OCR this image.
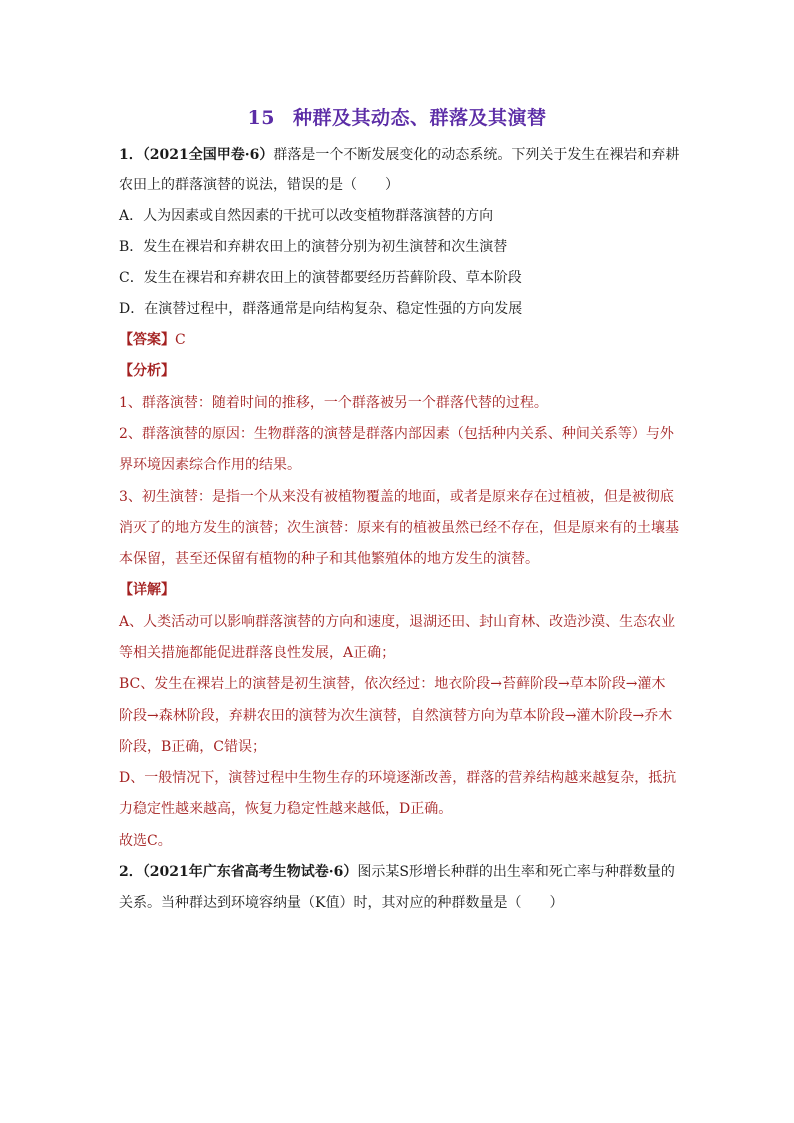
15 种群及其动态、群落及其演替
1．（2021全国甲卷·6）群落是一个不断发展变化的动态系统。下列关于发生在裸岩和弃耕
农田上的群落演替的说法，错误的是（　　）
A．人为因素或自然因素的干扰可以改变植物群落演替的方向
B．发生在裸岩和弃耕农田上的演替分别为初生演替和次生演替
C．发生在裸岩和弃耕农田上的演替都要经历苔藓阶段、草本阶段
D．在演替过程中，群落通常是向结构复杂、稳定性强的方向发展
【答案】C
【分析】
1、群落演替：随着时间的推移，一个群落被另一个群落代替的过程。
2、群落演替的原因：生物群落的演替是群落内部因素（包括种内关系、种间关系等）与外
界环境因素综合作用的结果。
3、初生演替：是指一个从来没有被植物覆盖的地面，或者是原来存在过植被，但是被彻底
消灭了的地方发生的演替；次生演替：原来有的植被虽然已经不存在，但是原来有的土壤基
本保留，甚至还保留有植物的种子和其他繁殖体的地方发生的演替。
【详解】
A、人类活动可以影响群落演替的方向和速度，退湖还田、封山育林、改造沙漠、生态农业
等相关措施都能促进群落良性发展，A正确；
BC、发生在裸岩上的演替是初生演替，依次经过：地衣阶段→苔藓阶段→草本阶段→灌木
阶段→森林阶段，弃耕农田的演替为次生演替，自然演替方向为草本阶段→灌木阶段→乔木
阶段，B正确，C错误；
D、一般情况下，演替过程中生物生存的环境逐渐改善，群落的营养结构越来越复杂，抵抗
力稳定性越来越高，恢复力稳定性越来越低，D正确。
故选C。
2．（2021年广东省高考生物试卷·6）图示某S形增长种群的出生率和死亡率与种群数量的
关系。当种群达到环境容纳量（K值）时，其对应的种群数量是（　　）
